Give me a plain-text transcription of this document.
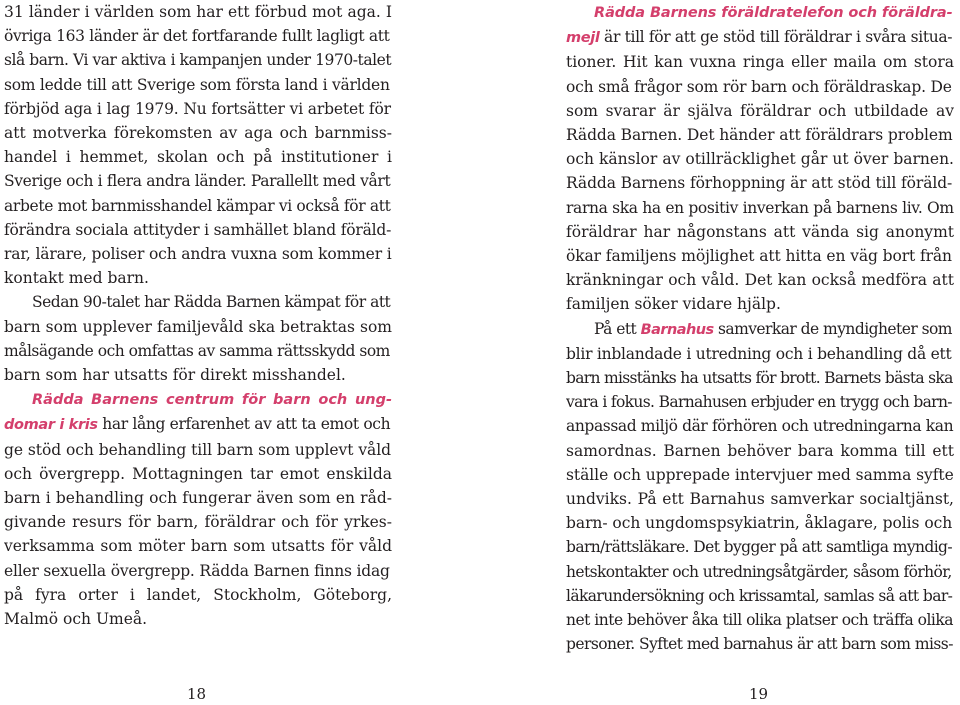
31 länder i världen som har ett förbud mot aga. I
övriga 163 länder är det fortfarande fullt lagligt att
slå barn. Vi var aktiva i kampanjen under 1970-talet
som ledde till att Sverige som första land i världen
förbjöd aga i lag 1979. Nu fortsätter vi arbetet för
att motverka förekomsten av aga och barnmiss-
handel i hemmet, skolan och på institutioner i
Sverige och i flera andra länder. Parallellt med vårt
arbete mot barnmisshandel kämpar vi också för att
förändra sociala attityder i samhället bland föräld-
rar, lärare, poliser och andra vuxna som kommer i
kontakt med barn.
Sedan 90-talet har Rädda Barnen kämpat för att
barn som upplever familjevåld ska betraktas som
målsägande och omfattas av samma rättsskydd som
barn som har utsatts för direkt misshandel.
Rädda Barnens centrum för barn och ung-
domar i kris har lång erfarenhet av att ta emot och
ge stöd och behandling till barn som upplevt våld
och övergrepp. Mottagningen tar emot enskilda
barn i behandling och fungerar även som en råd-
givande resurs för barn, föräldrar och för yrkes-
verksamma som möter barn som utsatts för våld
eller sexuella övergrepp. Rädda Barnen finns idag
på fyra orter i landet, Stockholm, Göteborg,
Malmö och Umeå.
Rädda Barnens föräldratelefon och föräldra-
mejl är till för att ge stöd till föräldrar i svåra situa-
tioner. Hit kan vuxna ringa eller maila om stora
och små frågor som rör barn och föräldraskap. De
som svarar är själva föräldrar och utbildade av
Rädda Barnen. Det händer att föräldrars problem
och känslor av otillräcklighet går ut över barnen.
Rädda Barnens förhoppning är att stöd till föräld-
rarna ska ha en positiv inverkan på barnens liv. Om
föräldrar har någonstans att vända sig anonymt
ökar familjens möjlighet att hitta en väg bort från
kränkningar och våld. Det kan också medföra att
familjen söker vidare hjälp.
På ett Barnahus samverkar de myndigheter som
blir inblandade i utredning och i behandling då ett
barn misstänks ha utsatts för brott. Barnets bästa ska
vara i fokus. Barnahusen erbjuder en trygg och barn-
anpassad miljö där förhören och utredningarna kan
samordnas. Barnen behöver bara komma till ett
ställe och upprepade intervjuer med samma syfte
undviks. På ett Barnahus samverkar socialtjänst,
barn- och ungdomspsykiatrin, åklagare, polis och
barn/rättsläkare. Det bygger på att samtliga myndig-
hetskontakter och utredningsåtgärder, såsom förhör,
läkarundersökning och krissamtal, samlas så att bar-
net inte behöver åka till olika platser och träffa olika
personer. Syftet med barnahus är att barn som miss-
18	19
